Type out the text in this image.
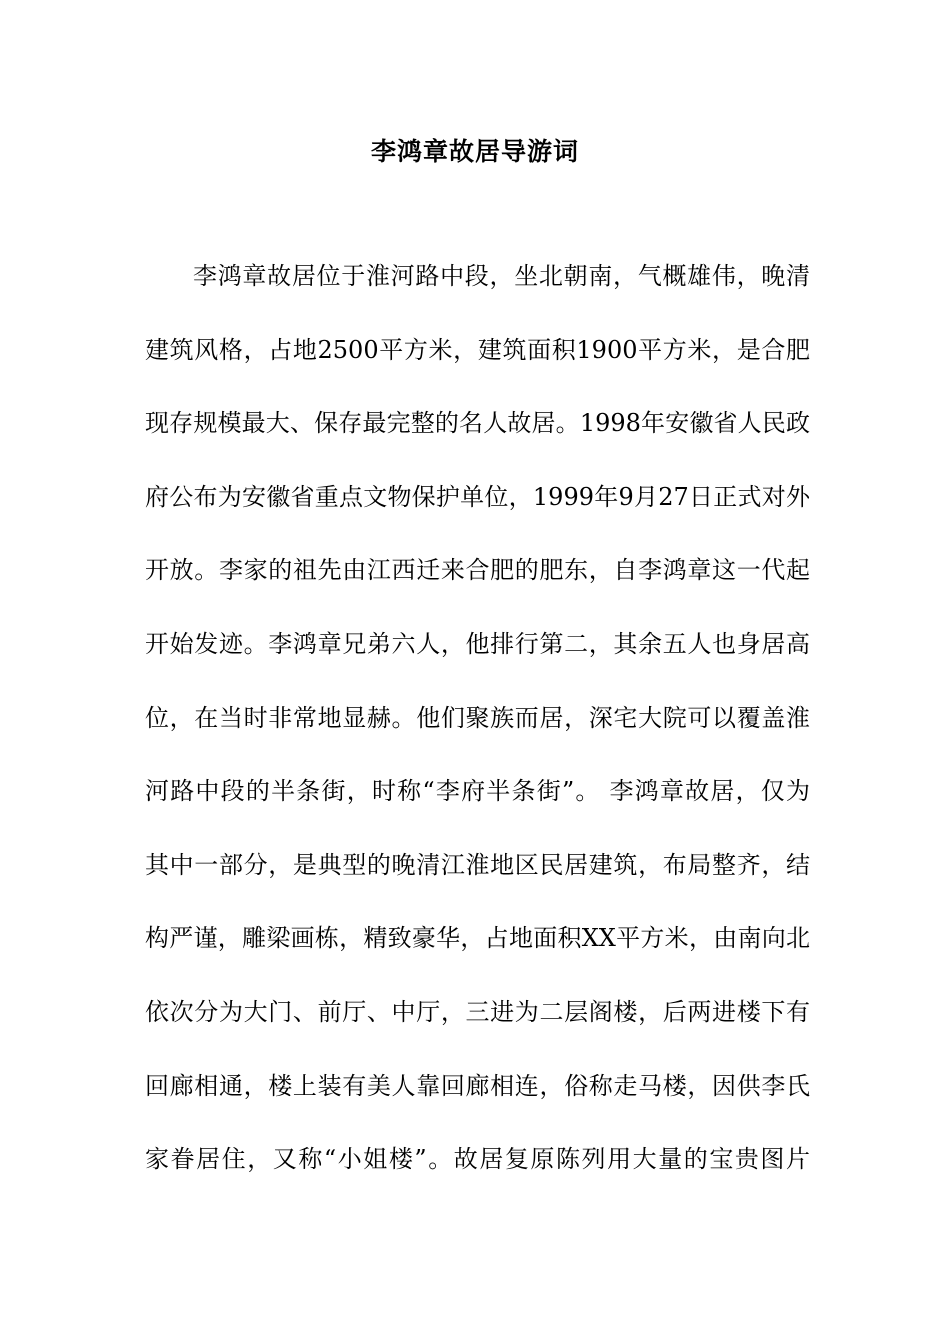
李鸿章故居导游词
李鸿章故居位于淮河路中段，坐北朝南，气概雄伟，晚清
建筑风格，占地2500平方米，建筑面积1900平方米，是合肥
现存规模最大、保存最完整的名人故居。1998年安徽省人民政
府公布为安徽省重点文物保护单位，1999年9月27日正式对外
开放。李家的祖先由江西迁来合肥的肥东，自李鸿章这一代起
开始发迹。李鸿章兄弟六人，他排行第二，其余五人也身居高
位，在当时非常地显赫。他们聚族而居，深宅大院可以覆盖淮
河路中段的半条街，时称“李府半条街”。 李鸿章故居，仅为
其中一部分，是典型的晚清江淮地区民居建筑，布局整齐，结
构严谨，雕梁画栋，精致豪华，占地面积XX平方米，由南向北
依次分为大门、前厅、中厅，三进为二层阁楼，后两进楼下有
回廊相通，楼上装有美人靠回廊相连，俗称走马楼，因供李氏
家眷居住，又称“小姐楼”。故居复原陈列用大量的宝贵图片
